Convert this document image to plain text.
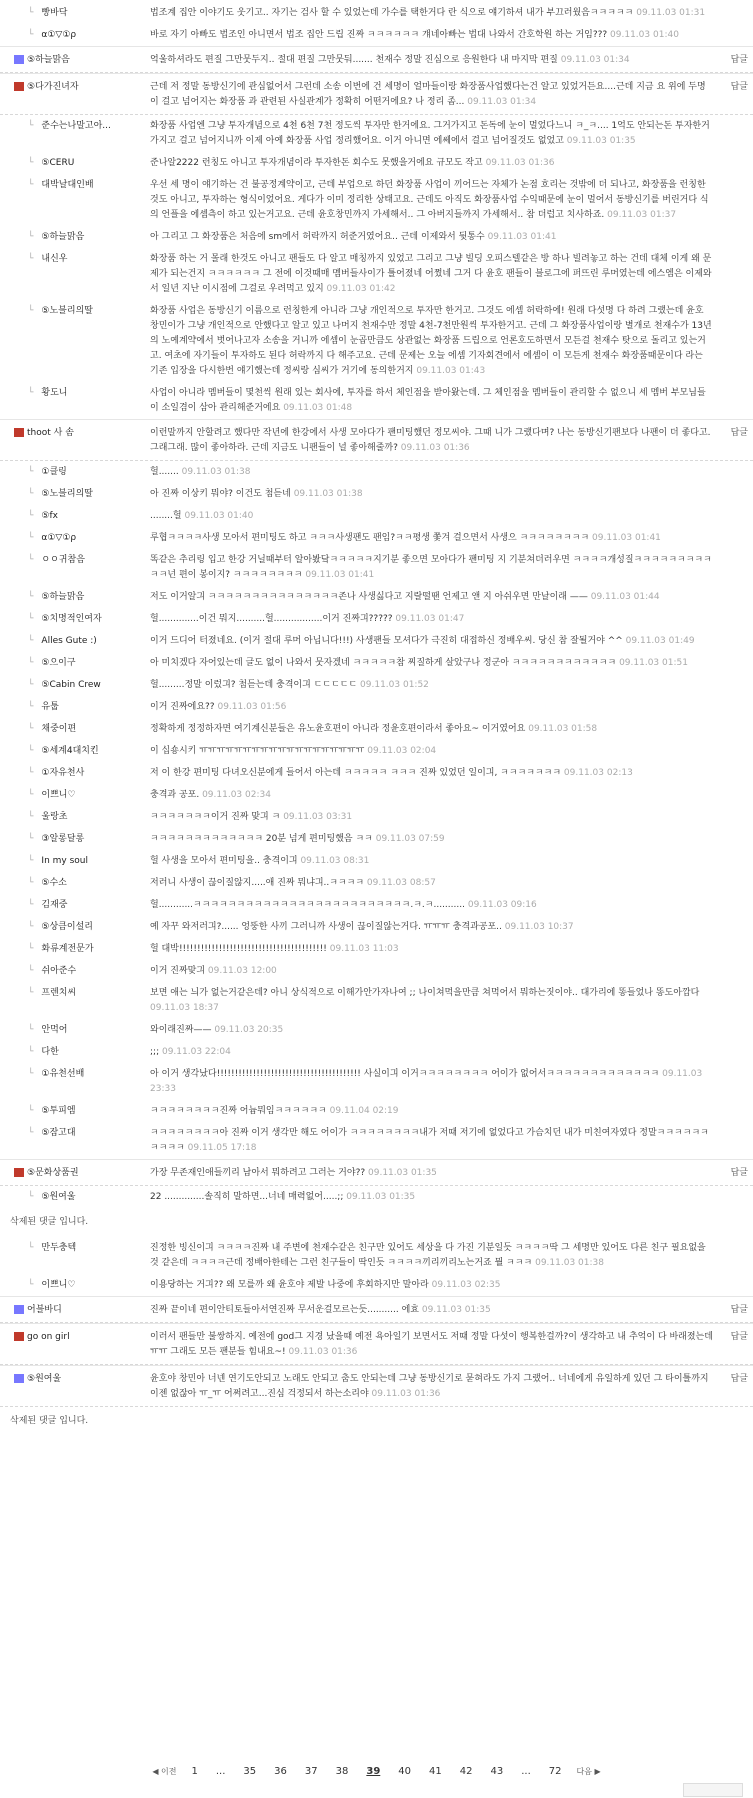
└ 빵바닥	법조계 집안 이야기도 웃기고.. 자기는 검사 할 수 있었는데 가수를 택한거다 란 식으로 얘기하셔 내가 부끄러웠음ㅋㅋㅋㅋㅋ 09.11.03 01:31
└ α①▽①ρ	바로 자기 아빠도 법조인 아니면서 법조 집안 드립 진짜 ㅋㅋㅋㅋㅋㅋ 걔네아빠는 법대 나와서 간호학원 하는 거임??? 09.11.03 01:40
⑤하늘맑음	억울하셔라도 편질 그만뭇두지.. 절대 편질 그만뭇둬....... 천재수 정말 진심으로 응원한다 내 마지막 편질 09.11.03 01:34	답글
⑤다가진녀자	근데 저 정말 동방신기에 관심없어서 그런데 소송 이번에 건 세명이 얼마들이랑 화장품사업했다는건 알고 있었거든요....근데 지금 요 위에 두명이 걸고 넘어지는 화장품 과 관련된 사실관계가 정확히 어떤거에요? 나 정리 좀... 09.11.03 01:34
답글
└ 준수는나말고아...	화장품 사업엔 그냥 투자개념으로 4천 6천 7천 정도씩 투자만 한거에요. 그거가지고 돈독에 눈이 멀었다느니 ㅋ_ㅋ.... 1억도 안되는돈 투자한거가지고 걸고 넘어지니까 이제 아예 화장품 사업 정리했어요. 이거 아니면 에쎄에서 걸고 넘어질것도 없었고 09.11.03 01:35
└ ⑤CERU	준나알2222 런칭도 아니고 투자개념이라 투자한돈 회수도 못했을거에요 규모도 작고 09.11.03 01:36
└ 대박날대인배	우선 세 명이 얘기하는 건 불공정계약이고, 근데 부업으로 하던 화장품 사업이 끼어드는 자체가 논점 흐리는 것밖에 더 되나고, 화장품을 런칭한 것도 아니고, 투자하는 형식이었어요. 게다가 이미 정리한 상태고요. 근데도 아직도 화장품사업 수익때문에 눈이 멀어서 동방신기를 버린거다 식의 언플을 에셈측이 하고 있는거고요. 근데 윤호창민까지 가세해서.. 그 아버지들까지 가세해서.. 참 더럽고 치사하죠. 09.11.03 01:37
└ ⑤하늘맑음	아 그리고 그 화장품은 처음에 sm에서 허락까지 허준거였어요.. 근데 이제와서 뒷통수 09.11.03 01:41
└ 내신우	화장품 하는 거 몰래 한것도 아니고 팬들도 다 알고 매칭까지 있었고 그리고 그냥 빌딩 오피스텔같은 방 하나 빌려놓고 하는 건데 대체 이게 왜 문제가 되는건지 ㅋㅋㅋㅋㅋㅋ 그 전에 이것때매 멤버들사이가 틀어졌네 어쩠네 그거 다 윤호 팬들이 블로그에 퍼뜨린 루머였는데 에스엠은 이제와서 일년 지난 이시점에 그걸로 우려먹고 있지 09.11.03 01:42
└ ⑤노블리의딸	화장품 사업은 동방신기 이름으로 런칭한게 아니라 그냥 개인적으로 투자만 한거고. 그것도 에셈 허락하에! 원래 다섯명 다 하려 그랬는데 윤호 창민이가 그냥 개인적으로 안했다고 알고 있고 나머지 천재수만 정말 4천-7천만원씩 투자한거고. 근데 그 화장품사업이랑 별개로 천재수가 13년의 노예계약에서 벗어나고자 소송을 거니까 에셈이 눈곱만큼도 상관없는 화장품 드립으로 언론호도하면서 모든걸 천재수 탓으로 돌리고 있는거고. 여초에 자기들이 투자하도 된다 허락까지 다 해주고요. 근데 문제는 오늘 에셈 기자회견에서 에셈이 이 모든게 천재수 화장품때문이다 라는 기존 입장을 다시한번 얘기했는데 정씨랑 심씨가 거기에 동의한거지 09.11.03 01:43
└ 황도니	사업이 아니라 멤버들이 몇천씩 원래 있는 회사에, 투자를 하서 체인점을 받아왔는데. 그 체인점을 멤버들이 관리할 수 없으니 세 멤버 부모님들이 소일겸이 삼아 관리해준거에요 09.11.03 01:48
thoot 사 솜	이런말까지 안할려고 했다만 작년에 한강에서 사생 모아다가 팬미팅했던 정모씨야. 그때 니가 그랬다며? 나는 동방신기팬보다 나팬이 더 좋다고. 그래그래. 많이 좋아하라. 근데 지금도 니팬들이 널 좋아해줄까? 09.11.03 01:36
답글
└ ①클링	헐....... 09.11.03 01:38
└ ⑤노블리의딸	아 진짜 이상키 뭐야? 이건도 첨듣네 09.11.03 01:38
└ ⑤fx	........헐 09.11.03 01:40
└ α①▽①ρ	루협ㅋㅋㅋㅋ사생 모아서 편미팅도 하고 ㅋㅋㅋ사생팬도 팬임?ㅋㅋ평생 쫓겨 걸으면서 사생으 ㅋㅋㅋㅋㅋㅋㅋㅋ 09.11.03 01:41
└ ㅇㅇ귀참음	똑같은 추리링 입고 한강 거닐때부터 알아봤닼ㅋㅋㅋㅋㅋ지기분 좋으면 모아다가 팬미팅 지 기분쳐더러우면 ㅋㅋㅋㅋ개성질ㅋㅋㅋㅋㅋㅋㅋㅋㅋㅋㅋ넌 편이 봉이지? ㅋㅋㅋㅋㅋㅋㅋㅋ 09.11.03 01:41
└ ⑤하늘맑음	저도 이거알긔 ㅋㅋㅋㅋㅋㅋㅋㅋㅋㅋㅋㅋㅋㅋㅋ존나 사생싫다고 지랄떨땐 언제고 앤 지 아쉬우면 만날이래 —— 09.11.03 01:44
└ ⑤치명적인여자	헐..............이건 뭐지..........헐.................이거 진짜긔????? 09.11.03 01:47
└ Alles Gute :)	이거 드디어 터졌네요. (이거 절대 루머 아닙니다!!!) 사생팬들 모셔다가 극진히 대접하신 정배우씨. 당신 참 잘될거야 ^^ 09.11.03 01:49
└ ⑤으이구	아 미치겠다 자어있는데 글도 없이 나와서 뭇자겠네 ㅋㅋㅋㅋㅋ참 찌질하게 살았구나 정군아 ㅋㅋㅋㅋㅋㅋㅋㅋㅋㅋㅋㅋ 09.11.03 01:51
└ ⑤Cabin Crew	헐.........정말 이렀긔? 첨듣는데 충격이긔 ㄷㄷㄷㄷㄷ 09.11.03 01:52
└ 유툽	이거 진짜에요?? 09.11.03 01:56
└ 채중이편	정확하게 정정하자면 여기계신분들은 유노윤호편이 아니라 정윤호편이라서 좋아요~ 이거였어요 09.11.03 01:58
└ ⑤세계4대치킨	이 십숑시키 ㅠㅠㅠㅠㅠㅠㅠㅠㅠㅠㅠㅠㅠㅠㅠㅠㅠㅠㅠ 09.11.03 02:04
└ ①자유천사	저 이 한강 편미팅 다녀오신분에게 들어서 아는데 ㅋㅋㅋㅋㅋ ㅋㅋㅋ 진짜 있었던 일이긔, ㅋㅋㅋㅋㅋㅋㅋ 09.11.03 02:13
└ 이쁘니♡	충격과 공포. 09.11.03 02:34
└ 울랑초	ㅋㅋㅋㅋㅋㅋㅋ이거 진짜 맞긔 ㅋ 09.11.03 03:31
└ ③알롱달롱	ㅋㅋㅋㅋㅋㅋㅋㅋㅋㅋㅋㅋㅋ 20분 넘게 편미팅했음 ㅋㅋ 09.11.03 07:59
└ In my soul	헐 사생을 모아서 편미팅을.. 충격이긔 09.11.03 08:31
└ ⑤수소	저러니 사생이 끊이질않지.....애 진짜 뭐냐긔..ㅋㅋㅋㅋ 09.11.03 08:57
└ 김재중	헐............ㅋㅋㅋㅋㅋㅋㅋㅋㅋㅋㅋㅋㅋㅋㅋㅋㅋㅋㅋㅋㅋㅋㅋㅋㅋ.ㅋ.ㅋ........... 09.11.03 09:16
└ ⑤상큼이설리	예 자꾸 와저러긔?...... 엉뚱한 사끼 그러니까 사생이 끊이질않는거다. ㅠㅠㅠ 충격과공포.. 09.11.03 10:37
└ 화류계전문가	헐 대박!!!!!!!!!!!!!!!!!!!!!!!!!!!!!!!!!!!!!!!!! 09.11.03 11:03
└ 쉬아준수	이거 진짜맞긔 09.11.03 12:00
└ 프렌치씨	보면 애는 늬가 없는거같은데? 아니 상식적으로 이해가안가자나여 ;; 나이쳐먹을만큼 쳐먹어서 뭐하는짓이야.. 대가리에 똥들었나 똥도아깝다 09.11.03 18:37
└ 안먹어	와이래진짜—— 09.11.03 20:35
└ 다한	;;; 09.11.03 22:04
└ ①유천선배	아 이거 생각났다!!!!!!!!!!!!!!!!!!!!!!!!!!!!!!!!!!!!!!!! 사실이긔 이거ㅋㅋㅋㅋㅋㅋㅋㅋ 어이가 없어서ㅋㅋㅋㅋㅋㅋㅋㅋㅋㅋㅋㅋㅋ 09.11.03 23:33
└ ⑤투피엠	ㅋㅋㅋㅋㅋㅋㅋㅋ진짜 어늄뭐임ㅋㅋㅋㅋㅋㅋ 09.11.04 02:19
└ ⑤잠고대	ㅋㅋㅋㅋㅋㅋㅋㅋ아 진짜 이거 생각만 해도 어이가 ㅋㅋㅋㅋㅋㅋㅋㅋ내가 저때 저기에 없었다고 가슴치던 내가 미친여자였다 정말ㅋㅋㅋㅋㅋㅋㅋㅋㅋㅋ 09.11.05 17:18
⑤문화상품권	가장 무존재인애들끼리 남아서 뭐하려고 그러는 거야?? 09.11.03 01:35	답글
└ ⑤원여울	22 ..............솔직히 말하면...너네 매력없어.....;; 09.11.03 01:35
삭제된 댓글 입니다.
└ 만두충텍	진정한 빙신이긔 ㅋㅋㅋㅋ진짜 내 주변에 천재수같은 친구만 있어도 세상을 다 가진 기분일듯 ㅋㅋㅋㅋ딱 그 세명만 있어도 다른 친구 필요없을 것 같은데 ㅋㅋㅋㅋ근데 정배아한테는 그런 친구들이 딱인듯 ㅋㅋㅋㅋ끼리끼리노는거죠 뭘 ㅋㅋㅋ 09.11.03 01:38
└ 이쁘니♡	이용당하는 거긔?? 왜 모를까 왜 윤호야 제발 나중에 후회하지만 말아라 09.11.03 02:35
어블바디	진짜 끝이네 편이안티토들아서연진짜 무서운걸모르는듯........... 에효 09.11.03 01:35	답글
go on girl	이러서 팬들만 불쌍하지. 예전에 god그 지경 났을때 예전 욕아일기 보면서도 저때 정말 다섯이 행복한걸까?이 생각하고 내 추억이 다 바래졌는데 ㅠㅠ 그래도 모든 팬분들 힘내요~! 09.11.03 01:36
답글
⑤원여울	윤호야 창민아 너넨 연기도안되고 노래도 안되고 춤도 안되는데 그냥 동방신기로 묻혀라도 가지 그랬어.. 너네에게 유일하게 있던 그 타이틀까지 이젠 없잖아 ㅠ_ㅠ 어쩌려고...진심 걱정되서 하는소리야 09.11.03 01:36
답글
삭제된 댓글 입니다.
◀ 이전 1 ... 35 36 37 38 39 40 41 42 43 ... 72 다음 ▶
